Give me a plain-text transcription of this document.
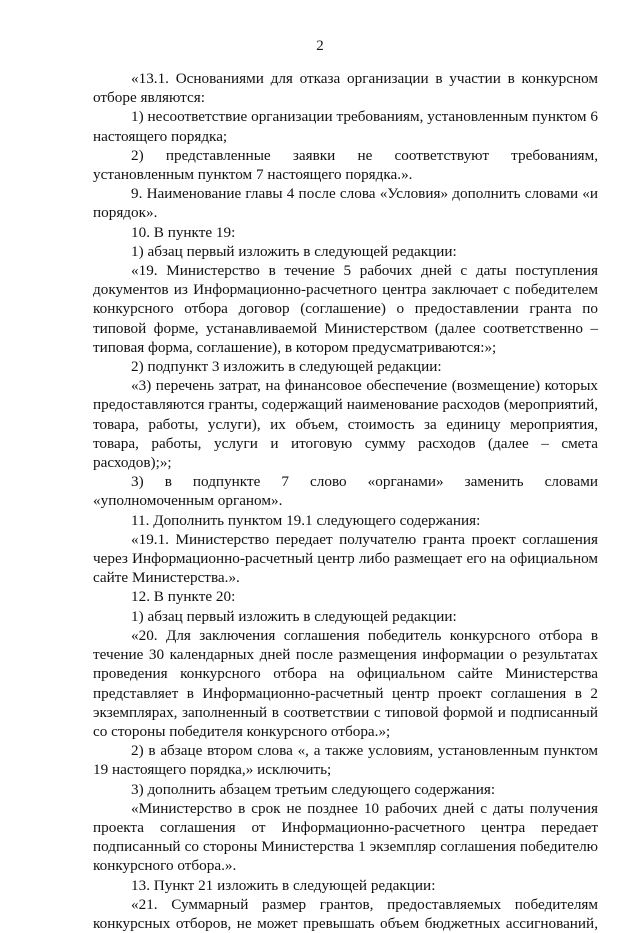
2

«13.1. Основаниями для отказа организации в участии в конкурсном отборе являются:

1) несоответствие организации требованиям, установленным пунктом 6 настоящего порядка;

2) представленные заявки не соответствуют требованиям, установленным пунктом 7 настоящего порядка.».

9. Наименование главы 4 после слова «Условия» дополнить словами «и порядок».

10. В пункте 19:

1) абзац первый изложить в следующей редакции:

«19. Министерство в течение 5 рабочих дней с даты поступления документов из Информационно-расчетного центра заключает с победителем конкурсного отбора договор (соглашение) о предоставлении гранта по типовой форме, устанавливаемой Министерством (далее соответственно – типовая форма, соглашение), в котором предусматриваются:»;

2) подпункт 3 изложить в следующей редакции:

«3) перечень затрат, на финансовое обеспечение (возмещение) которых предоставляются гранты, содержащий наименование расходов (мероприятий, товара, работы, услуги), их объем, стоимость за единицу мероприятия, товара, работы, услуги и итоговую сумму расходов (далее – смета расходов);»;

3) в подпункте 7 слово «органами» заменить словами «уполномоченным органом».

11. Дополнить пунктом 19.1 следующего содержания:

«19.1. Министерство передает получателю гранта проект соглашения через Информационно-расчетный центр либо размещает его на официальном сайте Министерства.».

12. В пункте 20:

1) абзац первый изложить в следующей редакции:

«20. Для заключения соглашения победитель конкурсного отбора в течение 30 календарных дней после размещения информации о результатах проведения конкурсного отбора на официальном сайте Министерства представляет в Информационно-расчетный центр проект соглашения в 2 экземплярах, заполненный в соответствии с типовой формой и подписанный со стороны победителя конкурсного отбора.»;

2) в абзаце втором слова «, а также условиям, установленным пунктом 19 настоящего порядка,» исключить;

3) дополнить абзацем третьим следующего содержания:

«Министерство в срок не позднее 10 рабочих дней с даты получения проекта соглашения от Информационно-расчетного центра передает подписанный со стороны Министерства 1 экземпляр соглашения победителю конкурсного отбора.».

13. Пункт 21 изложить в следующей редакции:

«21. Суммарный размер грантов, предоставляемых победителям конкурсных отборов, не может превышать объем бюджетных ассигнований,
